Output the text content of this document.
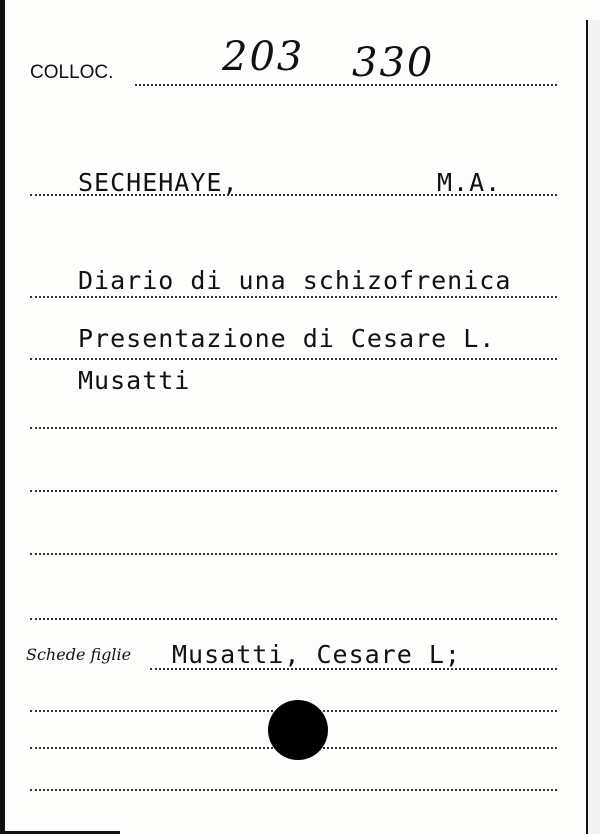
COLLOC.	203 330
SECHEHAYE,	M.A.
Diario di una schizofrenica
Presentazione di Cesare L.
Musatti
Schede figlie Musatti, Cesare L;
